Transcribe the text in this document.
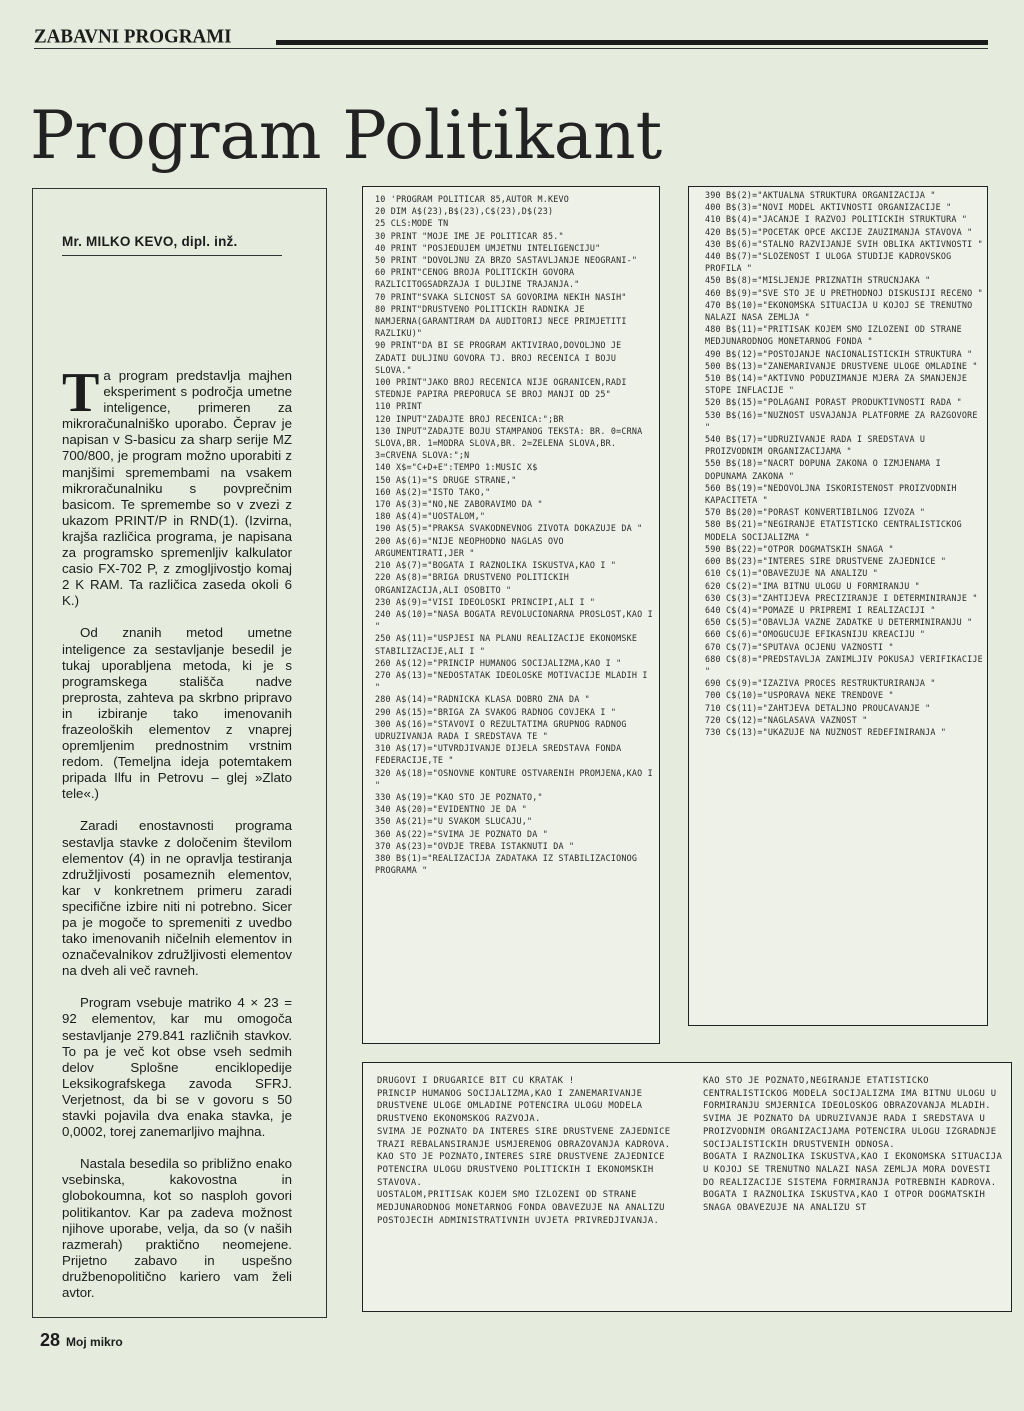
ZABAVNI PROGRAMI
Program Politikant
Mr. MILKO KEVO, dipl. inž.

Ta program predstavlja majhen eksperiment s področja umetne inteligence, primeren za mikroračunalniško uporabo. Čeprav je napisan v S-basicu za sharp serije MZ 700/800, je program možno uporabiti z manjšimi spremembami na vsakem mikroračunalniku s povprečnim basicom. Te spremembe so v zvezi z ukazom PRINT/P in RND(1). (Izvirna, krajša različica programa, je napisana za programsko spremenljiv kalkulator casio FX-702 P, z zmogljivostjo komaj 2 K RAM. Ta različica zaseda okoli 6 K.)

Od znanih metod umetne inteligence za sestavljanje besedil je tukaj uporabljena metoda, ki je s programskega stališča nadve preprosta, zahteva pa skrbno pripravo in izbiranje tako imenovanih frazeoloških elementov z vnaprej opremljenim prednostnim vrstnim redom. (Temeljna ideja potemtakem pripada Ilfu in Petrovu – glej »Zlato tele«.)

Zaradi enostavnosti programa sestavlja stavke z določenim številom elementov (4) in ne opravlja testiranja združljivosti posameznih elementov, kar v konkretnem primeru zaradi specifične izbire niti ni potrebno. Sicer pa je mogoče to spremeniti z uvedbo tako imenovanih ničelnih elementov in označevalnikov združljivosti elementov na dveh ali več ravneh.

Program vsebuje matriko 4 × 23 = 92 elementov, kar mu omogoča sestavljanje 279.841 različnih stavkov. To pa je več kot obse vseh sedmih delov Splošne enciklopedije Leksikografskega zavoda SFRJ. Verjetnost, da bi se v govoru s 50 stavki pojavila dva enaka stavka, je 0,0002, torej zanemarljivo majhna.

Nastala besedila so približno enako vsebinska, kakovostna in globokoumna, kot so nasploh govori politikantov. Kar pa zadeva možnost njihove uporabe, velja, da so (v naših razmerah) praktično neomejene. Prijetno zabavo in uspešno družbenopolitično kariero vam želi avtor.

10 'PROGRAM POLITICAR 85,AUTOR M.KEVO
20 DIM A$(23),B$(23),C$(23),D$(23)
25 CLS:MODE TN
30 PRINT "MOJE IME JE POLITICAR 85."
40 PRINT "POSJEDUJEM UMJETNU INTELIGENCIJU"
50 PRINT "DOVOLJNU ZA BRZO SASTAVLJANJE NEOGRANI-"
60 PRINT"CENOG BROJA POLITICKIH GOVORA RAZLICITOGSADRZAJA I DULJINE TRAJANJA."
70 PRINT"SVAKA SLICNOST SA GOVORIMA NEKIH NASIH"
80 PRINT"DRUSTVENO POLITICKIH RADNIKA JE NAMJERNA(GARANTIRAM DA AUDITORIJ NECE PRIMJETITI RAZLIKU)"
90 PRINT"DA BI SE PROGRAM AKTIVIRAO,DOVOLJNO JE ZADATI DULJINU GOVORA TJ. BROJ RECENICA I BOJU SLOVA."
100 PRINT"JAKO BROJ RECENICA NIJE OGRANICEN,RADI STEDNJE PAPIRA PREPORUCA SE BROJ MANJI OD 25"
110 PRINT
120 INPUT"ZADAJTE BROJ RECENICA:";BR
130 INPUT"ZADAJTE BOJU STAMPANOG TEKSTA: BR. 0=CRNA SLOVA,BR. 1=MODRA SLOVA,BR. 2=ZELENA SLOVA,BR. 3=CRVENA SLOVA:";N
140 X$="C+D+E":TEMPO 1:MUSIC X$
150 A$(1)="S DRUGE STRANE,"
160 A$(2)="ISTO TAKO,"
170 A$(3)="NO,NE ZABORAVIMO DA "
180 A$(4)="UOSTALOM,"
190 A$(5)="PRAKSA SVAKODNEVNOG ZIVOTA DOKAZUJE DA "
200 A$(6)="NIJE NEOPHODNO NAGLAS OVO ARGUMENTIRATI,JER "
210 A$(7)="BOGATA I RAZNOLIKA ISKUSTVA,KAO I "
220 A$(8)="BRIGA DRUSTVENO POLITICKIH ORGANIZACIJA,ALI OSOBITO "
230 A$(9)="VISI IDEOLOSKI PRINCIPI,ALI I "
240 A$(10)="NASA BOGATA REVOLUCIONARNA PROSLOST,KAO I "
250 A$(11)="USPJESI NA PLANU REALIZACIJE EKONOMSKE STABILIZACIJE,ALI I "
260 A$(12)="PRINCIP HUMANOG SOCIJALIZMA,KAO I "
270 A$(13)="NEDOSTATAK IDEOLOSKE MOTIVACIJE MLADIH I "
280 A$(14)="RADNICKA KLASA DOBRO ZNA DA "
290 A$(15)="BRIGA ZA SVAKOG RADNOG COVJEKA I "
300 A$(16)="STAVOVI O REZULTATIMA GRUPNOG RADNOG UDRUZIVANJA RADA I SREDSTAVA TE "
310 A$(17)="UTVRDJIVANJE DIJELA SREDSTAVA FONDA FEDERACIJE,TE "
320 A$(18)="OSNOVNE KONTURE OSTVARENIH PROMJENA,KAO I "
330 A$(19)="KAO STO JE POZNATO,"
340 A$(20)="EVIDENTNO JE DA "
350 A$(21)="U SVAKOM SLUCAJU,"
360 A$(22)="SVIMA JE POZNATO DA "
370 A$(23)="OVDJE TREBA ISTAKNUTI DA "
380 B$(1)="REALIZACIJA ZADATAKA IZ STABILIZACIONOG PROGRAMA "
390 B$(2)="AKTUALNA STRUKTURA ORGANIZACIJA "
400 B$(3)="NOVI MODEL AKTIVNOSTI ORGANIZACIJE "
410 B$(4)="JACANJE I RAZVOJ POLITICKIH STRUKTURA "
420 B$(5)="POCETAK OPCE AKCIJE ZAUZIMANJA STAVOVA "
430 B$(6)="STALNO RAZVIJANJE SVIH OBLIKA AKTIVNOSTI "
440 B$(7)="SLOZENOST I ULOGA STUDIJE KADROVSKOG PROFILA "
450 B$(8)="MISLJENJE PRIZNATIH STRUCNJAKA "
460 B$(9)="SVE STO JE U PRETHODNOJ DISKUSIJI RECENO "
470 B$(10)="EKONOMSKA SITUACIJA U KOJOJ SE TRENUTNO NALAZI NASA ZEMLJA "
480 B$(11)="PRITISAK KOJEM SMO IZLOZENI OD STRANE MEDJUNARODNOG MONETARNOG FONDA "
490 B$(12)="POSTOJANJE NACIONALISTICKIH STRUKTURA "
500 B$(13)="ZANEMARIVANJE DRUSTVENE ULOGE OMLADINE "
510 B$(14)="AKTIVNO PODUZIMANJE MJERA ZA SMANJENJE STOPE INFLACIJE "
520 B$(15)="POLAGANI PORAST PRODUKTIVNOSTI RADA "
530 B$(16)="NUZNOST USVAJANJA PLATFORME ZA RAZGOVORE "
540 B$(17)="UDRUZIVANJE RADA I SREDSTAVA U PROIZVODNIM ORGANIZACIJAMA "
550 B$(18)="NACRT DOPUNA ZAKONA O IZMJENAMA I DOPUNAMA ZAKONA "
560 B$(19)="NEDOVOLJNA ISKORISTENOST PROIZVODNIH KAPACITETA "
570 B$(20)="PORAST KONVERTIBILNOG IZVOZA "
580 B$(21)="NEGIRANJE ETATISTICKO CENTRALISTICKOG MODELA SOCIJALIZMA "
590 B$(22)="OTPOR DOGMATSKIH SNAGA "
600 B$(23)="INTERES SIRE DRUSTVENE ZAJEDNICE "
610 C$(1)="OBAVEZUJE NA ANALIZU "
620 C$(2)="IMA BITNU ULOGU U FORMIRANJU "
630 C$(3)="ZAHTIJEVA PRECIZIRANJE I DETERMINIRANJE "
640 C$(4)="POMAZE U PRIPREMI I REALIZACIJI "
650 C$(5)="OBAVLJA VAZNE ZADATKE U DETERMINIRANJU "
660 C$(6)="OMOGUCUJE EFIKASNIJU KREACIJU "
670 C$(7)="SPUTAVA OCJENU VAZNOSTI "
680 C$(8)="PREDSTAVLJA ZANIMLJIV POKUSAJ VERIFIKACIJE "
690 C$(9)="IZAZIVA PROCES RESTRUKTURIRANJA "
700 C$(10)="USPORAVA NEKE TRENDOVE "
710 C$(11)="ZAHTJEVA DETALJNO PROUCAVANJE "
720 C$(12)="NAGLASAVA VAZNOST "
730 C$(13)="UKAZUJE NA NUZNOST REDEFINIRANJA "
DRUGOVI I DRUGARICE BIT CU KRATAK !
PRINCIP HUMANOG SOCIJALIZMA,KAO I ZANEMARIVANJE DRUSTVENE ULOGE OMLADINE POTENCIRA ULOGU MODELA DRUSTVENO EKONOMSKOG RAZVOJA.
SVIMA JE POZNATO DA INTERES SIRE DRUSTVENE ZAJEDNICE TRAZI REBALANSIRANJE USMJERENOG OBRAZOVANJA KADROVA.
KAO STO JE POZNATO,INTERES SIRE DRUSTVENE ZAJEDNICE POTENCIRA ULOGU DRUSTVENO POLITICKIH I EKONOMSKIH STAVOVA.
UOSTALOM,PRITISAK KOJEM SMO IZLOZENI OD STRANE MEDJUNARODNOG MONETARNOG FONDA OBAVEZUJE NA ANALIZU POSTOJECIH ADMINISTRATIVNIH UVJETA PRIVREDJIVANJA.
KAO STO JE POZNATO,NEGIRANJE ETATISTICKO CENTRALISTICKOG MODELA SOCIJALIZMA IMA BITNU ULOGU U FORMIRANJU SMJERNICA IDEOLOSKOG OBRAZOVANJA MLADIH.
SVIMA JE POZNATO DA UDRUZIVANJE RADA I SREDSTAVA U PROIZVODNIM ORGANIZACIJAMA POTENCIRA ULOGU IZGRADNJE SOCIJALISTICKIH DRUSTVENIH ODNOSA.
BOGATA I RAZNOLIKA ISKUSTVA,KAO I EKONOMSKA SITUACIJA U KOJOJ SE TRENUTNO NALAZI NASA ZEMLJA MORA DOVESTI DO REALIZACIJE SISTEMA FORMIRANJA POTREBNIH KADROVA.
BOGATA I RAZNOLIKA ISKUSTVA,KAO I OTPOR DOGMATSKIH SNAGA OBAVEZUJE NA ANALIZU ST
28 Moj mikro
